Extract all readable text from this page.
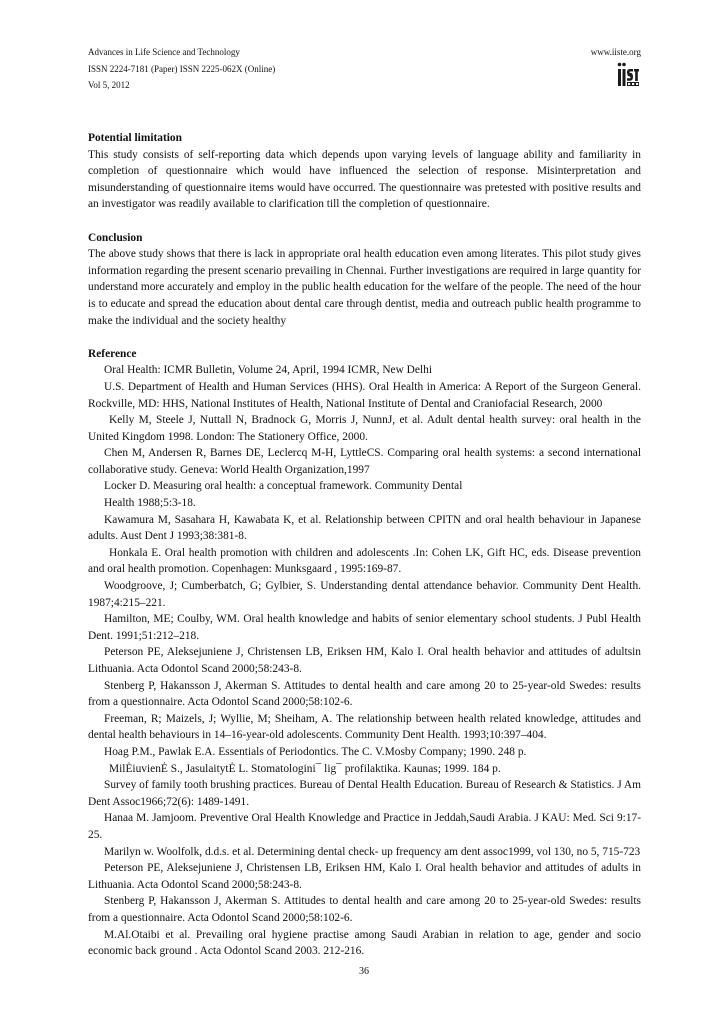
Advances in Life Science and Technology
ISSN 2224-7181 (Paper) ISSN 2225-062X (Online)
Vol 5, 2012
www.iiste.org

Potential limitation

This study consists of self-reporting data which depends upon varying levels of language ability and familiarity in completion of questionnaire which would have influenced the selection of response. Misinterpretation and misunderstanding of questionnaire items would have occurred. The questionnaire was pretested with positive results and an investigator was readily available to clarification till the completion of questionnaire.

Conclusion

The above study shows that there is lack in appropriate oral health education even among literates. This pilot study gives information regarding the present scenario prevailing in Chennai. Further investigations are required in large quantity for understand more accurately and employ in the public health education for the welfare of the people. The need of the hour is to educate and spread the education about dental care through dentist, media and outreach public health programme to make the individual and the society healthy

Reference

Oral Health: ICMR Bulletin, Volume 24, April, 1994 ICMR, New Delhi

U.S. Department of Health and Human Services (HHS). Oral Health in America: A Report of the Surgeon General. Rockville, MD: HHS, National Institutes of Health, National Institute of Dental and Craniofacial Research, 2000

Kelly M, Steele J, Nuttall N, Bradnock G, Morris J, NunnJ, et al. Adult dental health survey: oral health in the United Kingdom 1998. London: The Stationery Office, 2000.

Chen M, Andersen R, Barnes DE, Leclercq M-H, LyttleCS. Comparing oral health systems: a second international collaborative study. Geneva: World Health Organization,1997

Locker D. Measuring oral health: a conceptual framework. Community Dental

Health 1988;5:3-18.

Kawamura M, Sasahara H, Kawabata K, et al. Relationship between CPITN and oral health behaviour in Japanese adults. Aust Dent J 1993;38:381-8.

Honkala E. Oral health promotion with children and adolescents .In: Cohen LK, Gift HC, eds. Disease prevention and oral health promotion. Copenhagen: Munksgaard , 1995:169-87.

Woodgroove, J; Cumberbatch, G; Gylbier, S. Understanding dental attendance behavior. Community Dent Health. 1987;4:215–221.

Hamilton, ME; Coulby, WM. Oral health knowledge and habits of senior elementary school students. J Publ Health Dent. 1991;51:212–218.

Peterson PE, Aleksejuniene J, Christensen LB, Eriksen HM, Kalo I. Oral health behavior and attitudes of adultsin Lithuania. Acta Odontol Scand 2000;58:243-8.

Stenberg P, Hakansson J, Akerman S. Attitudes to dental health and care among 20 to 25-year-old Swedes: results from a questionnaire. Acta Odontol Scand 2000;58:102-6.

Freeman, R; Maizels, J; Wyllie, M; Sheiham, A. The relationship between health related knowledge, attitudes and dental health behaviours in 14–16-year-old adolescents. Community Dent Health. 1993;10:397–404.

Hoag P.M., Pawlak E.A. Essentials of Periodontics. The C. V.Mosby Company; 1990. 248 p.

MilĖiuvienĖ S., JasulaitytĖ L. Stomatologini¯ lig¯ profilaktika. Kaunas; 1999. 184 p.

Survey of family tooth brushing practices. Bureau of Dental Health Education. Bureau of Research & Statistics. J Am Dent Assoc1966;72(6): 1489-1491.

Hanaa M. Jamjoom. Preventive Oral Health Knowledge and Practice in Jeddah,Saudi Arabia. J KAU: Med. Sci 9:17-25.

Marilyn w. Woolfolk, d.d.s. et al. Determining dental check- up frequency am dent assoc1999, vol 130, no 5, 715-723

Peterson PE, Aleksejuniene J, Christensen LB, Eriksen HM, Kalo I. Oral health behavior and attitudes of adults in Lithuania. Acta Odontol Scand 2000;58:243-8.

Stenberg P, Hakansson J, Akerman S. Attitudes to dental health and care among 20 to 25-year-old Swedes: results from a questionnaire. Acta Odontol Scand 2000;58:102-6.

M.Al.Otaibi et al. Prevailing oral hygiene practise among Saudi Arabian in relation to age, gender and socio economic back ground . Acta Odontol Scand 2003. 212-216.

36
